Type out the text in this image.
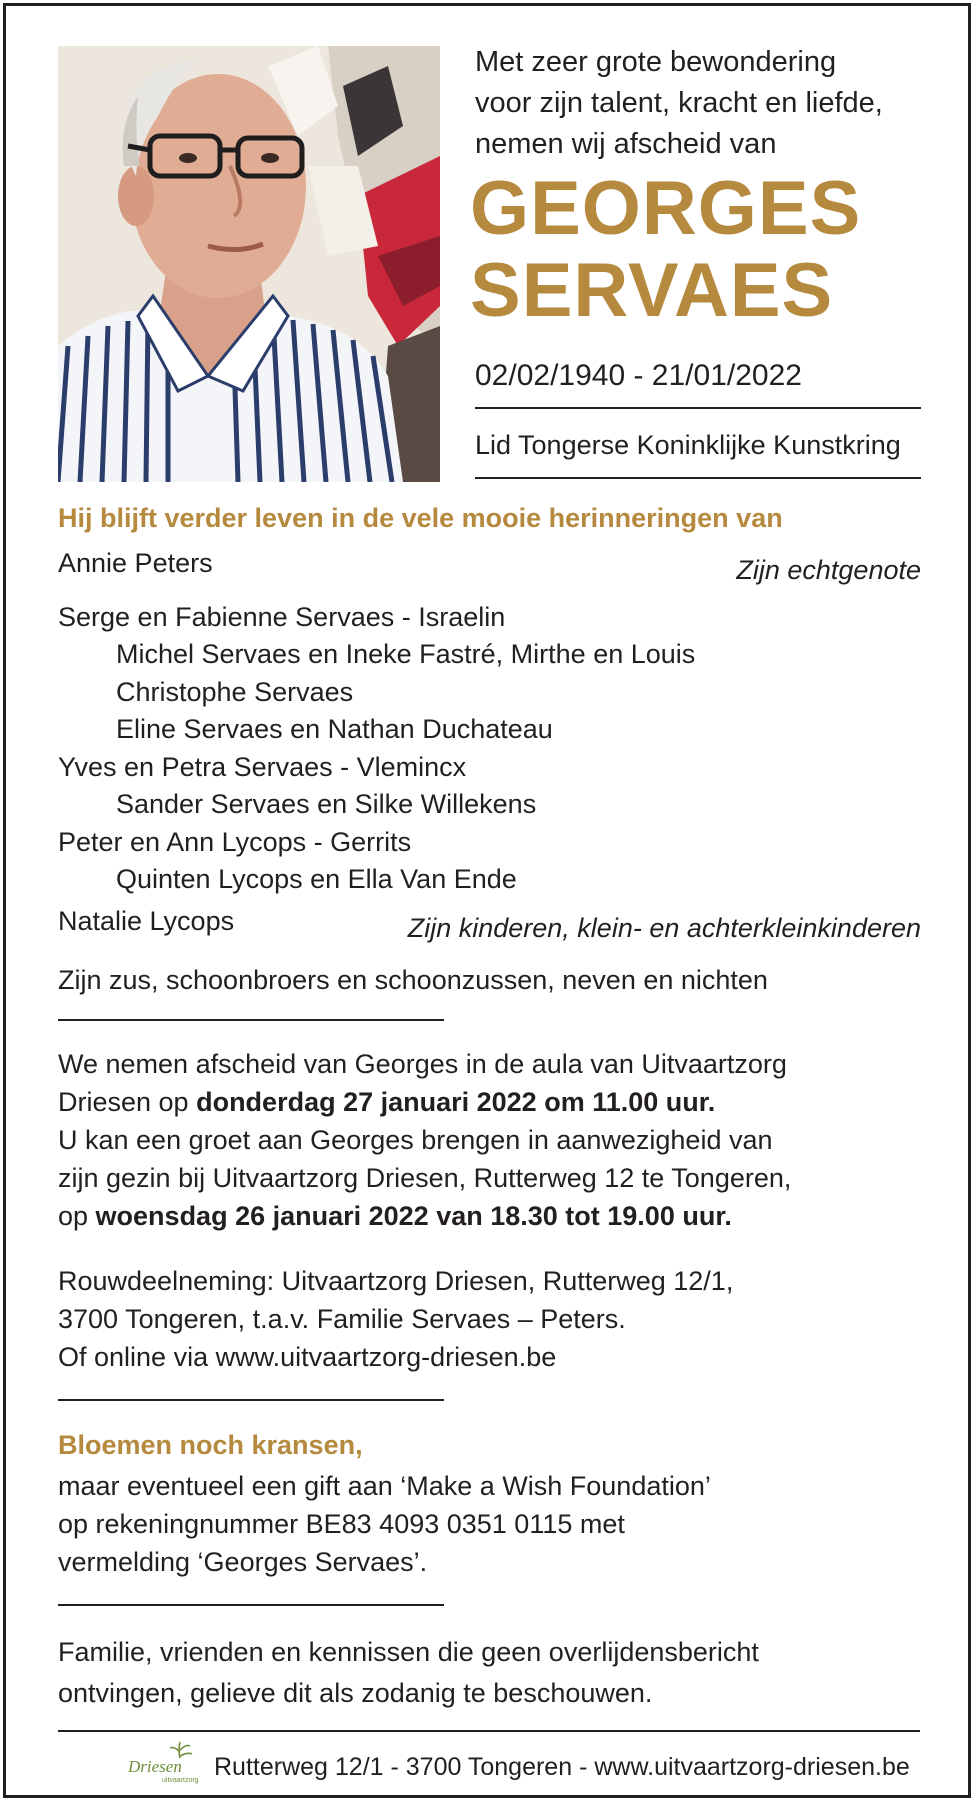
Met zeer grote bewondering
voor zijn talent, kracht en liefde,
nemen wij afscheid van
GEORGES
SERVAES
02/02/1940 - 21/01/2022
Lid Tongerse Koninklijke Kunstkring
Hij blijft verder leven in de vele mooie herinneringen van
Annie Peters	Zijn echtgenote
Serge en Fabienne Servaes - Israelin
Michel Servaes en Ineke Fastré, Mirthe en Louis
Christophe Servaes
Eline Servaes en Nathan Duchateau
Yves en Petra Servaes - Vlemincx
Sander Servaes en Silke Willekens
Peter en Ann Lycops - Gerrits
Quinten Lycops en Ella Van Ende
Natalie Lycops	Zijn kinderen, klein- en achterkleinkinderen
Zijn zus, schoonbroers en schoonzussen, neven en nichten
We nemen afscheid van Georges in de aula van Uitvaartzorg
Driesen op donderdag 27 januari 2022 om 11.00 uur.
U kan een groet aan Georges brengen in aanwezigheid van
zijn gezin bij Uitvaartzorg Driesen, Rutterweg 12 te Tongeren,
op woensdag 26 januari 2022 van 18.30 tot 19.00 uur.
Rouwdeelneming: Uitvaartzorg Driesen, Rutterweg 12/1,
3700 Tongeren, t.a.v. Familie Servaes – Peters.
Of online via www.uitvaartzorg-driesen.be
Bloemen noch kransen,
maar eventueel een gift aan ‘Make a Wish Foundation’
op rekeningnummer BE83 4093 0351 0115 met
vermelding ‘Georges Servaes’.
Familie, vrienden en kennissen die geen overlijdensbericht
ontvingen, gelieve dit als zodanig te beschouwen.
Driesen
uitvaartzorg Rutterweg 12/1 - 3700 Tongeren - www.uitvaartzorg-driesen.be
